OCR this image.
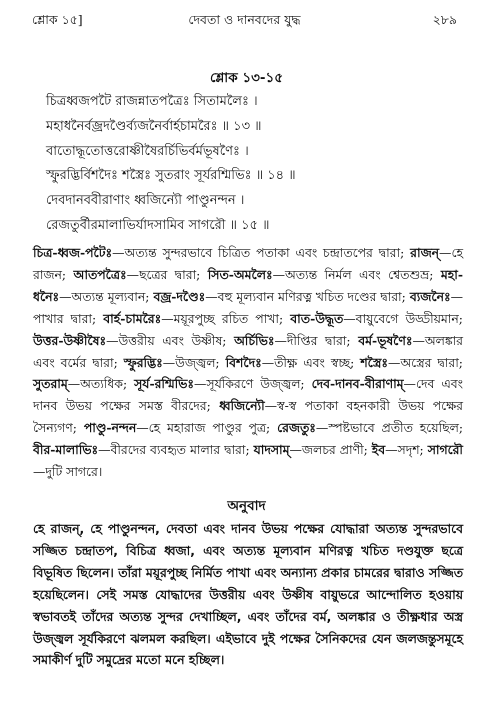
শ্লোক ১৫]	দেবতা ও দানবদের যুদ্ধ	২৮৯
শ্লোক ১৩-১৫
চিত্রধ্বজপটৈ রাজন্নাতপত্রৈঃ সিতামলৈঃ ।
মহাধনৈর্বজ্রদণ্ডৈর্ব্যজনৈর্বার্হচামরৈঃ ॥ ১৩ ॥
বাতোদ্ধূতোত্তরোষ্ণীষৈরর্চিভির্বর্মভূষণৈঃ ।
স্ফুরদ্ভির্বিশদৈঃ শস্ত্রৈঃ সুতরাং সূর্যরশ্মিভিঃ ॥ ১৪ ॥
দেবদানববীরাণাং ধ্বজিন্যৌ পাণ্ডুনন্দন ।
রেজতুর্বীরমালাভির্যাদসামিব সাগরৌ ॥ ১৫ ॥
চিত্র-ধ্বজ-পটৈঃ—অত্যন্ত সুন্দরভাবে চিত্রিত পতাকা এবং চন্দ্রাতপের দ্বারা; রাজন্—হে রাজন; আতপত্রৈঃ—ছত্রের দ্বারা; সিত-অমলৈঃ—অত্যন্ত নির্মল এবং শ্বেতশুভ্র; মহা-ধনৈঃ—অত্যন্ত মূল্যবান; বজ্র-দণ্ডৈঃ—বহু মূল্যবান মণিরত্ন খচিত দণ্ডের দ্বারা; ব্যজনৈঃ—পাখার দ্বারা; বার্হ-চামরৈঃ—ময়ূরপুচ্ছ রচিত পাখা; বাত-উদ্ধূত—বায়ুবেগে উড্ডীয়মান; উত্তর-উষ্ণীষৈঃ—উত্তরীয় এবং উষ্ণীষ; অর্চিভিঃ—দীপ্তির দ্বারা; বর্ম-ভূষণৈঃ—অলঙ্কার এবং বর্মের দ্বারা; স্ফুরদ্ভিঃ—উজ্জ্বল; বিশদৈঃ—তীক্ষ্ণ এবং স্বচ্ছ; শস্ত্রৈঃ—অস্ত্রের দ্বারা; সুতরাম্—অত্যধিক; সূর্য-রশ্মিভিঃ—সূর্যকিরণে উজ্জ্বল; দেব-দানব-বীরাণাম্—দেব এবং দানব উভয় পক্ষের সমস্ত বীরদের; ধ্বজিন্যৌ—স্ব-স্ব পতাকা বহনকারী উভয় পক্ষের সৈন্যগণ; পাণ্ডু-নন্দন—হে মহারাজ পাণ্ডুর পুত্র; রেজতুঃ—স্পষ্টভাবে প্রতীত হয়েছিল; বীর-মালাভিঃ—বীরদের ব্যবহৃত মালার দ্বারা; যাদসাম্—জলচর প্রাণী; ইব—সদৃশ; সাগরৌ—দুটি সাগরে।
অনুবাদ
হে রাজন্, হে পাণ্ডুনন্দন, দেবতা এবং দানব উভয় পক্ষের যোদ্ধারা অত্যন্ত সুন্দরভাবে সজ্জিত চন্দ্রাতপ, বিচিত্র ধ্বজা, এবং অত্যন্ত মূল্যবান মণিরত্ন খচিত দণ্ডযুক্ত ছত্রে বিভূষিত ছিলেন। তাঁরা ময়ূরপুচ্ছ নির্মিত পাখা এবং অন্যান্য প্রকার চামরের দ্বারাও সজ্জিত হয়েছিলেন। সেই সমস্ত যোদ্ধাদের উত্তরীয় এবং উষ্ণীষ বায়ুভরে আন্দোলিত হওয়ায় স্বভাবতই তাঁদের অত্যন্ত সুন্দর দেখাচ্ছিল, এবং তাঁদের বর্ম, অলঙ্কার ও তীক্ষ্ণধার অস্ত্র উজ্জ্বল সূর্যকিরণে ঝলমল করছিল। এইভাবে দুই পক্ষের সৈনিকদের যেন জলজন্তুসমূহে সমাকীর্ণ দুটি সমুদ্রের মতো মনে হচ্ছিল।
